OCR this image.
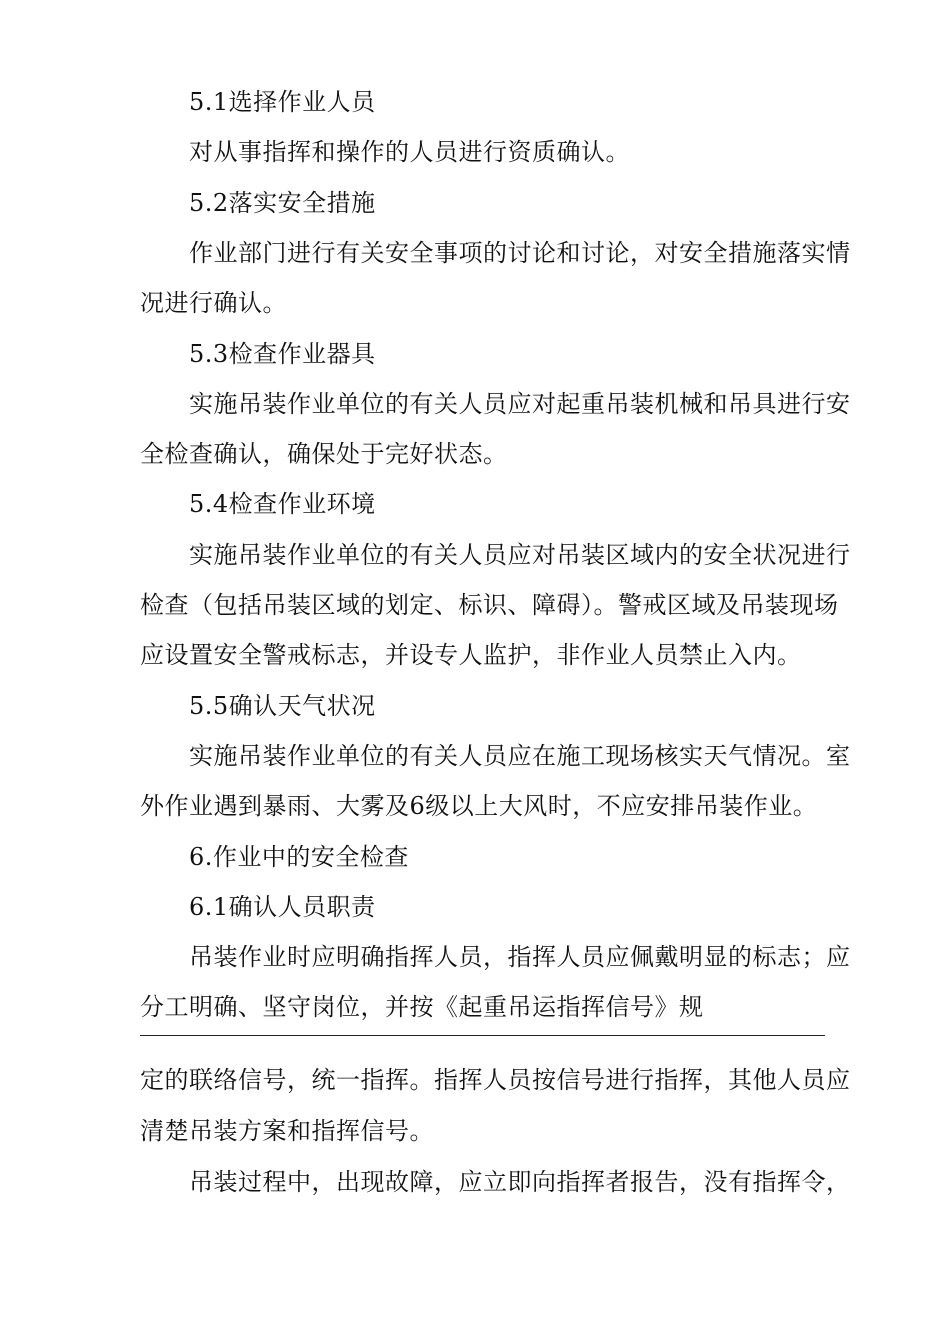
5.1选择作业人员
对从事指挥和操作的人员进行资质确认。
5.2落实安全措施
作业部门进行有关安全事项的讨论和讨论，对安全措施落实情
况进行确认。
5.3检查作业器具
实施吊装作业单位的有关人员应对起重吊装机械和吊具进行安
全检查确认，确保处于完好状态。
5.4检查作业环境
实施吊装作业单位的有关人员应对吊装区域内的安全状况进行
检查（包括吊装区域的划定、标识、障碍）。警戒区域及吊装现场
应设置安全警戒标志，并设专人监护，非作业人员禁止入内。
5.5确认天气状况
实施吊装作业单位的有关人员应在施工现场核实天气情况。室
外作业遇到暴雨、大雾及6级以上大风时，不应安排吊装作业。
6.作业中的安全检查
6.1确认人员职责
吊装作业时应明确指挥人员，指挥人员应佩戴明显的标志；应
分工明确、坚守岗位，并按《起重吊运指挥信号》规
定的联络信号，统一指挥。指挥人员按信号进行指挥，其他人员应
清楚吊装方案和指挥信号。
吊装过程中，出现故障，应立即向指挥者报告，没有指挥令，
